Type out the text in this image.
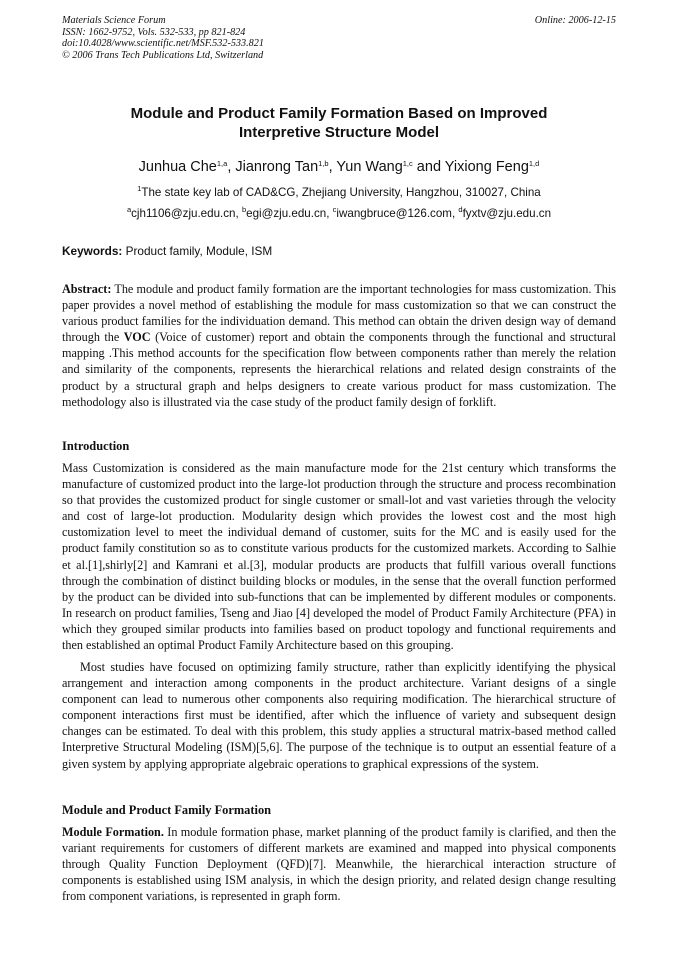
Materials Science Forum
ISSN: 1662-9752, Vols. 532-533, pp 821-824
doi:10.4028/www.scientific.net/MSF.532-533.821
© 2006 Trans Tech Publications Ltd, Switzerland
Online: 2006-12-15
Module and Product Family Formation Based on Improved
Interpretive Structure Model
Junhua Che$^{1,a}$, Jianrong Tan$^{1,b}$, Yun Wang$^{1,c}$ and Yixiong Feng$^{1,d}$
$^1$The state key lab of CAD&CG, Zhejiang University, Hangzhou, 310027, China
$^a$cjh1106@zju.edu.cn, $^b$egi@zju.edu.cn, $^c$iwangbruce@126.com, $^d$fyxtv@zju.edu.cn
Keywords: Product family, Module, ISM
Abstract: The module and product family formation are the important technologies for mass customization. This paper provides a novel method of establishing the module for mass customization so that we can construct the various product families for the individuation demand. This method can obtain the driven design way of demand through the VOC (Voice of customer) report and obtain the components through the functional and structural mapping .This method accounts for the specification flow between components rather than merely the relation and similarity of the components, represents the hierarchical relations and related design constraints of the product by a structural graph and helps designers to create various product for mass customization. The methodology also is illustrated via the case study of the product family design of forklift.
Introduction
Mass Customization is considered as the main manufacture mode for the 21st century which transforms the manufacture of customized product into the large-lot production through the structure and process recombination so that provides the customized product for single customer or small-lot and vast varieties through the velocity and cost of large-lot production. Modularity design which provides the lowest cost and the most high customization level to meet the individual demand of customer, suits for the MC and is easily used for the product family constitution so as to constitute various products for the customized markets. According to Salhie et al.[1],shirly[2] and Kamrani et al.[3], modular products are products that fulfill various overall functions through the combination of distinct building blocks or modules, in the sense that the overall function performed by the product can be divided into sub-functions that can be implemented by different modules or components. In research on product families, Tseng and Jiao [4] developed the model of Product Family Architecture (PFA) in which they grouped similar products into families based on product topology and functional requirements and then established an optimal Product Family Architecture based on this grouping.
Most studies have focused on optimizing family structure, rather than explicitly identifying the physical arrangement and interaction among components in the product architecture. Variant designs of a single component can lead to numerous other components also requiring modification. The hierarchical structure of component interactions first must be identified, after which the influence of variety and subsequent design changes can be estimated. To deal with this problem, this study applies a structural matrix-based method called Interpretive Structural Modeling (ISM)[5,6]. The purpose of the technique is to output an essential feature of a given system by applying appropriate algebraic operations to graphical expressions of the system.
Module and Product Family Formation
Module Formation. In module formation phase, market planning of the product family is clarified, and then the variant requirements for customers of different markets are examined and mapped into physical components through Quality Function Deployment (QFD)[7]. Meanwhile, the hierarchical interaction structure of components is established using ISM analysis, in which the design priority, and related design change resulting from component variations, is represented in graph form.
